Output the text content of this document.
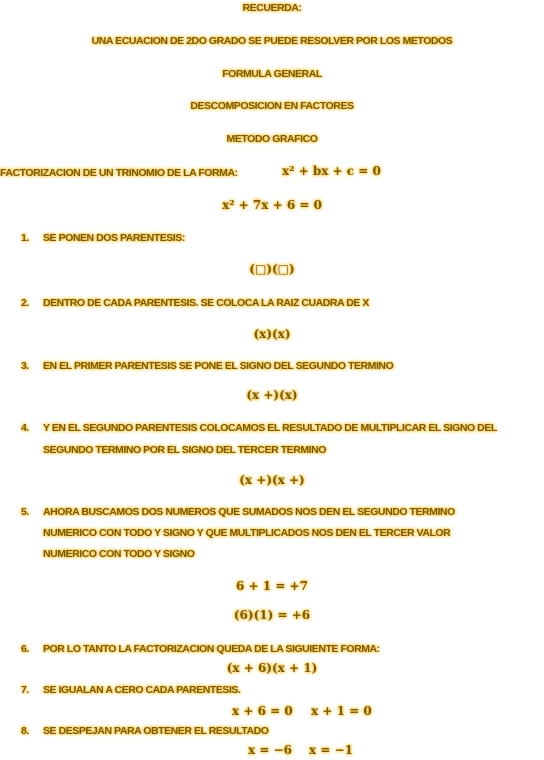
RECUERDA:
UNA ECUACION DE 2DO GRADO SE PUEDE RESOLVER POR LOS METODOS
FORMULA GENERAL
DESCOMPOSICION EN FACTORES
METODO GRAFICO
FACTORIZACION DE UN TRINOMIO DE LA FORMA:	x² + bx + c = 0
x² + 7x + 6 = 0
1. SE PONEN DOS PARENTESIS:
(□)(□)
2. DENTRO DE CADA PARENTESIS. SE COLOCA LA RAIZ CUADRA DE X
(x)(x)
3. EN EL PRIMER PARENTESIS SE PONE EL SIGNO DEL SEGUNDO TERMINO
(x +)(x)
4. Y EN EL SEGUNDO PARENTESIS COLOCAMOS EL RESULTADO DE MULTIPLICAR EL SIGNO DEL
SEGUNDO TERMINO POR EL SIGNO DEL TERCER TERMINO
(x +)(x +)
5. AHORA BUSCAMOS DOS NUMEROS QUE SUMADOS NOS DEN EL SEGUNDO TERMINO
NUMERICO CON TODO Y SIGNO Y QUE MULTIPLICADOS NOS DEN EL TERCER VALOR
NUMERICO CON TODO Y SIGNO
6 + 1 = +7
(6)(1) = +6
6. POR LO TANTO LA FACTORIZACION QUEDA DE LA SIGUIENTE FORMA:
(x + 6)(x + 1)
7. SE IGUALAN A CERO CADA PARENTESIS.
x + 6 = 0 x + 1 = 0
8. SE DESPEJAN PARA OBTENER EL RESULTADO
x = −6 x = −1
